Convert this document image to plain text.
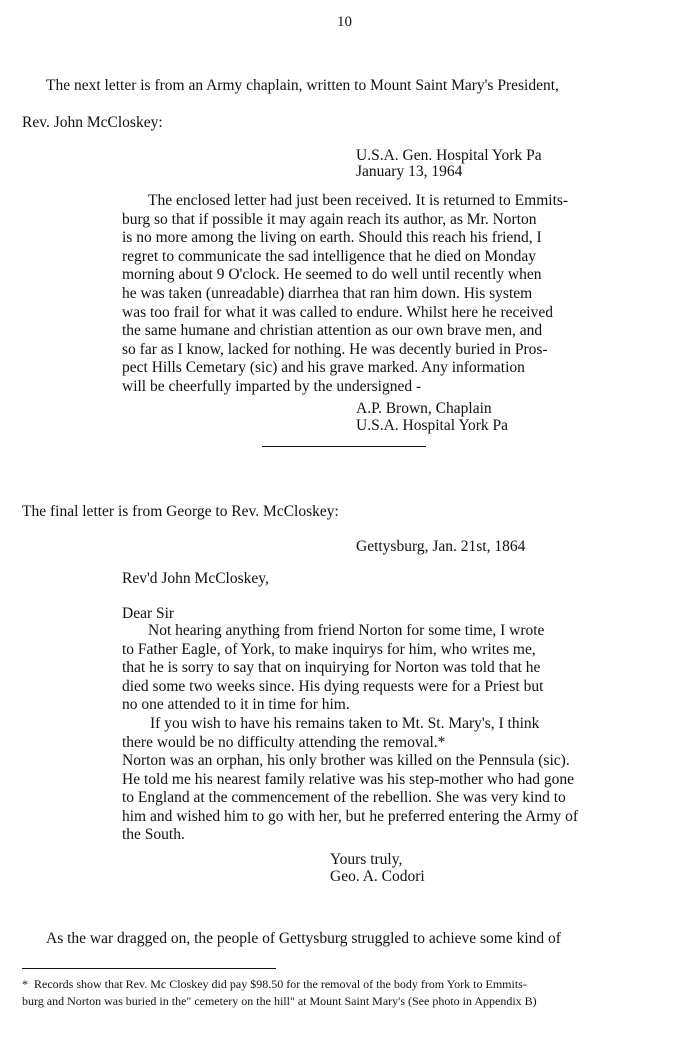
10
The next letter is from an Army chaplain, written to Mount Saint Mary's President,
Rev. John McCloskey:
U.S.A. Gen. Hospital York Pa
January 13, 1964
The enclosed letter had just been received. It is returned to Emmits-
burg so that if possible it may again reach its author, as Mr. Norton
is no more among the living on earth. Should this reach his friend, I
regret to communicate the sad intelligence that he died on Monday
morning about 9 O'clock. He seemed to do well until recently when
he was taken (unreadable) diarrhea that ran him down. His system
was too frail for what it was called to endure. Whilst here he received
the same humane and christian attention as our own brave men, and
so far as I know, lacked for nothing. He was decently buried in Pros-
pect Hills Cemetary (sic) and his grave marked. Any information
will be cheerfully imparted by the undersigned -
A.P. Brown, Chaplain
U.S.A. Hospital York Pa
The final letter is from George to Rev. McCloskey:
Gettysburg, Jan. 21st, 1864
Rev'd John McCloskey,
Dear Sir
Not hearing anything from friend Norton for some time, I wrote
to Father Eagle, of York, to make inquirys for him, who writes me,
that he is sorry to say that on inquirying for Norton was told that he
died some two weeks since. His dying requests were for a Priest but
no one attended to it in time for him.
If you wish to have his remains taken to Mt. St. Mary's, I think
there would be no difficulty attending the removal.*
Norton was an orphan, his only brother was killed on the Pennsula (sic).
He told me his nearest family relative was his step-mother who had gone
to England at the commencement of the rebellion. She was very kind to
him and wished him to go with her, but he preferred entering the Army of
the South.
Yours truly,
Geo. A. Codori
As the war dragged on, the people of Gettysburg struggled to achieve some kind of
* Records show that Rev. Mc Closkey did pay $98.50 for the removal of the body from York to Emmits-
burg and Norton was buried in the" cemetery on the hill" at Mount Saint Mary's (See photo in Appendix B)
